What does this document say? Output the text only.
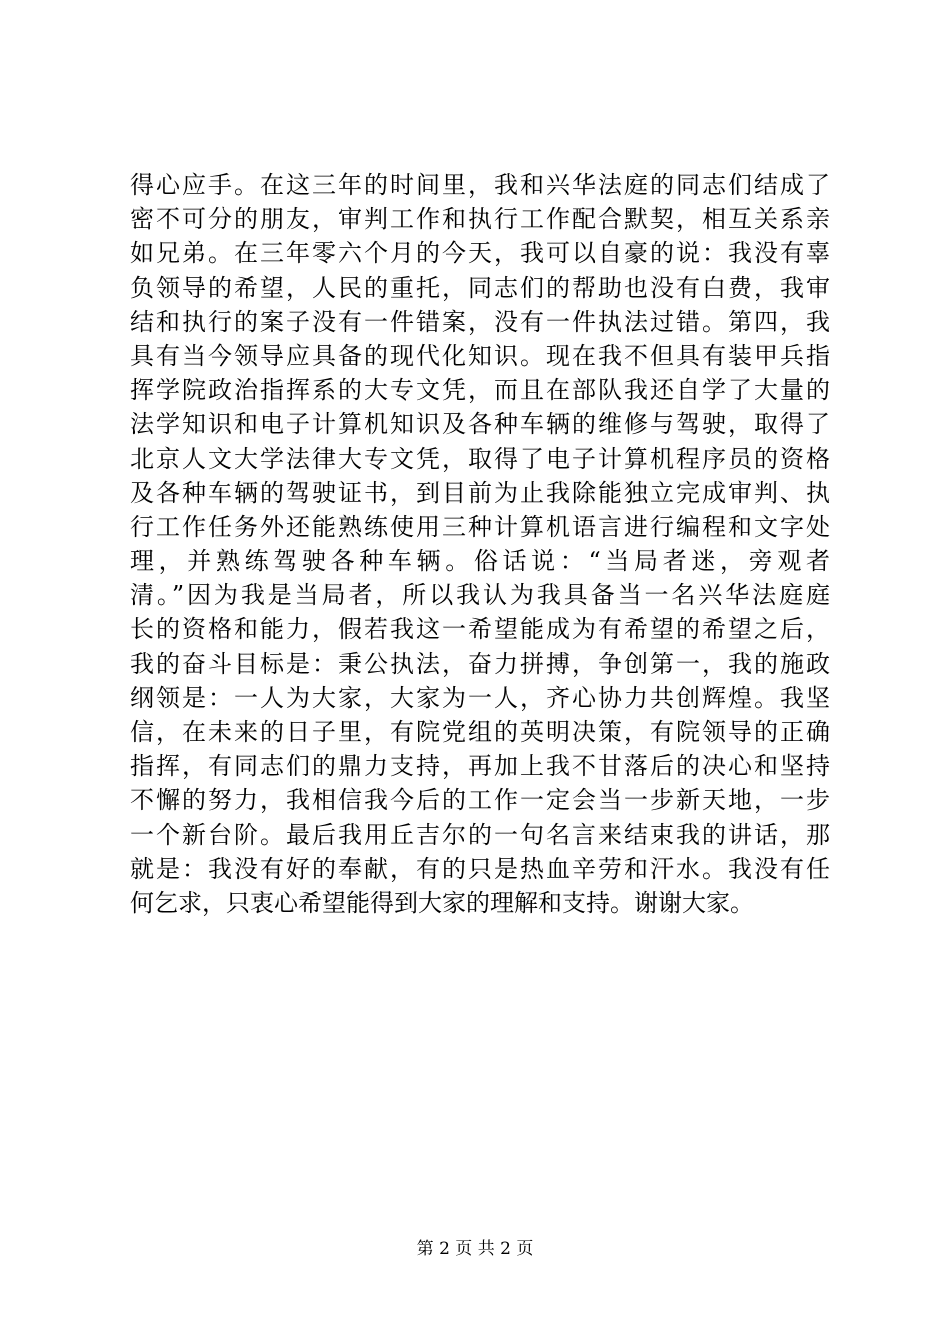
得心应手。在这三年的时间里，我和兴华法庭的同志们结成了
密不可分的朋友，审判工作和执行工作配合默契，相互关系亲
如兄弟。在三年零六个月的今天，我可以自豪的说：我没有辜
负领导的希望，人民的重托，同志们的帮助也没有白费，我审
结和执行的案子没有一件错案，没有一件执法过错。第四，我
具有当今领导应具备的现代化知识。现在我不但具有装甲兵指
挥学院政治指挥系的大专文凭，而且在部队我还自学了大量的
法学知识和电子计算机知识及各种车辆的维修与驾驶，取得了
北京人文大学法律大专文凭，取得了电子计算机程序员的资格
及各种车辆的驾驶证书，到目前为止我除能独立完成审判、执
行工作任务外还能熟练使用三种计算机语言进行编程和文字处
理，并熟练驾驶各种车辆。俗话说：“当局者迷，旁观者
清。”因为我是当局者，所以我认为我具备当一名兴华法庭庭
长的资格和能力，假若我这一希望能成为有希望的希望之后，
我的奋斗目标是：秉公执法，奋力拼搏，争创第一，我的施政
纲领是：一人为大家，大家为一人，齐心协力共创辉煌。我坚
信，在未来的日子里，有院党组的英明决策，有院领导的正确
指挥，有同志们的鼎力支持，再加上我不甘落后的决心和坚持
不懈的努力，我相信我今后的工作一定会当一步新天地，一步
一个新台阶。最后我用丘吉尔的一句名言来结束我的讲话，那
就是：我没有好的奉献，有的只是热血辛劳和汗水。我没有任
何乞求，只衷心希望能得到大家的理解和支持。谢谢大家。
第 2 页 共 2 页
